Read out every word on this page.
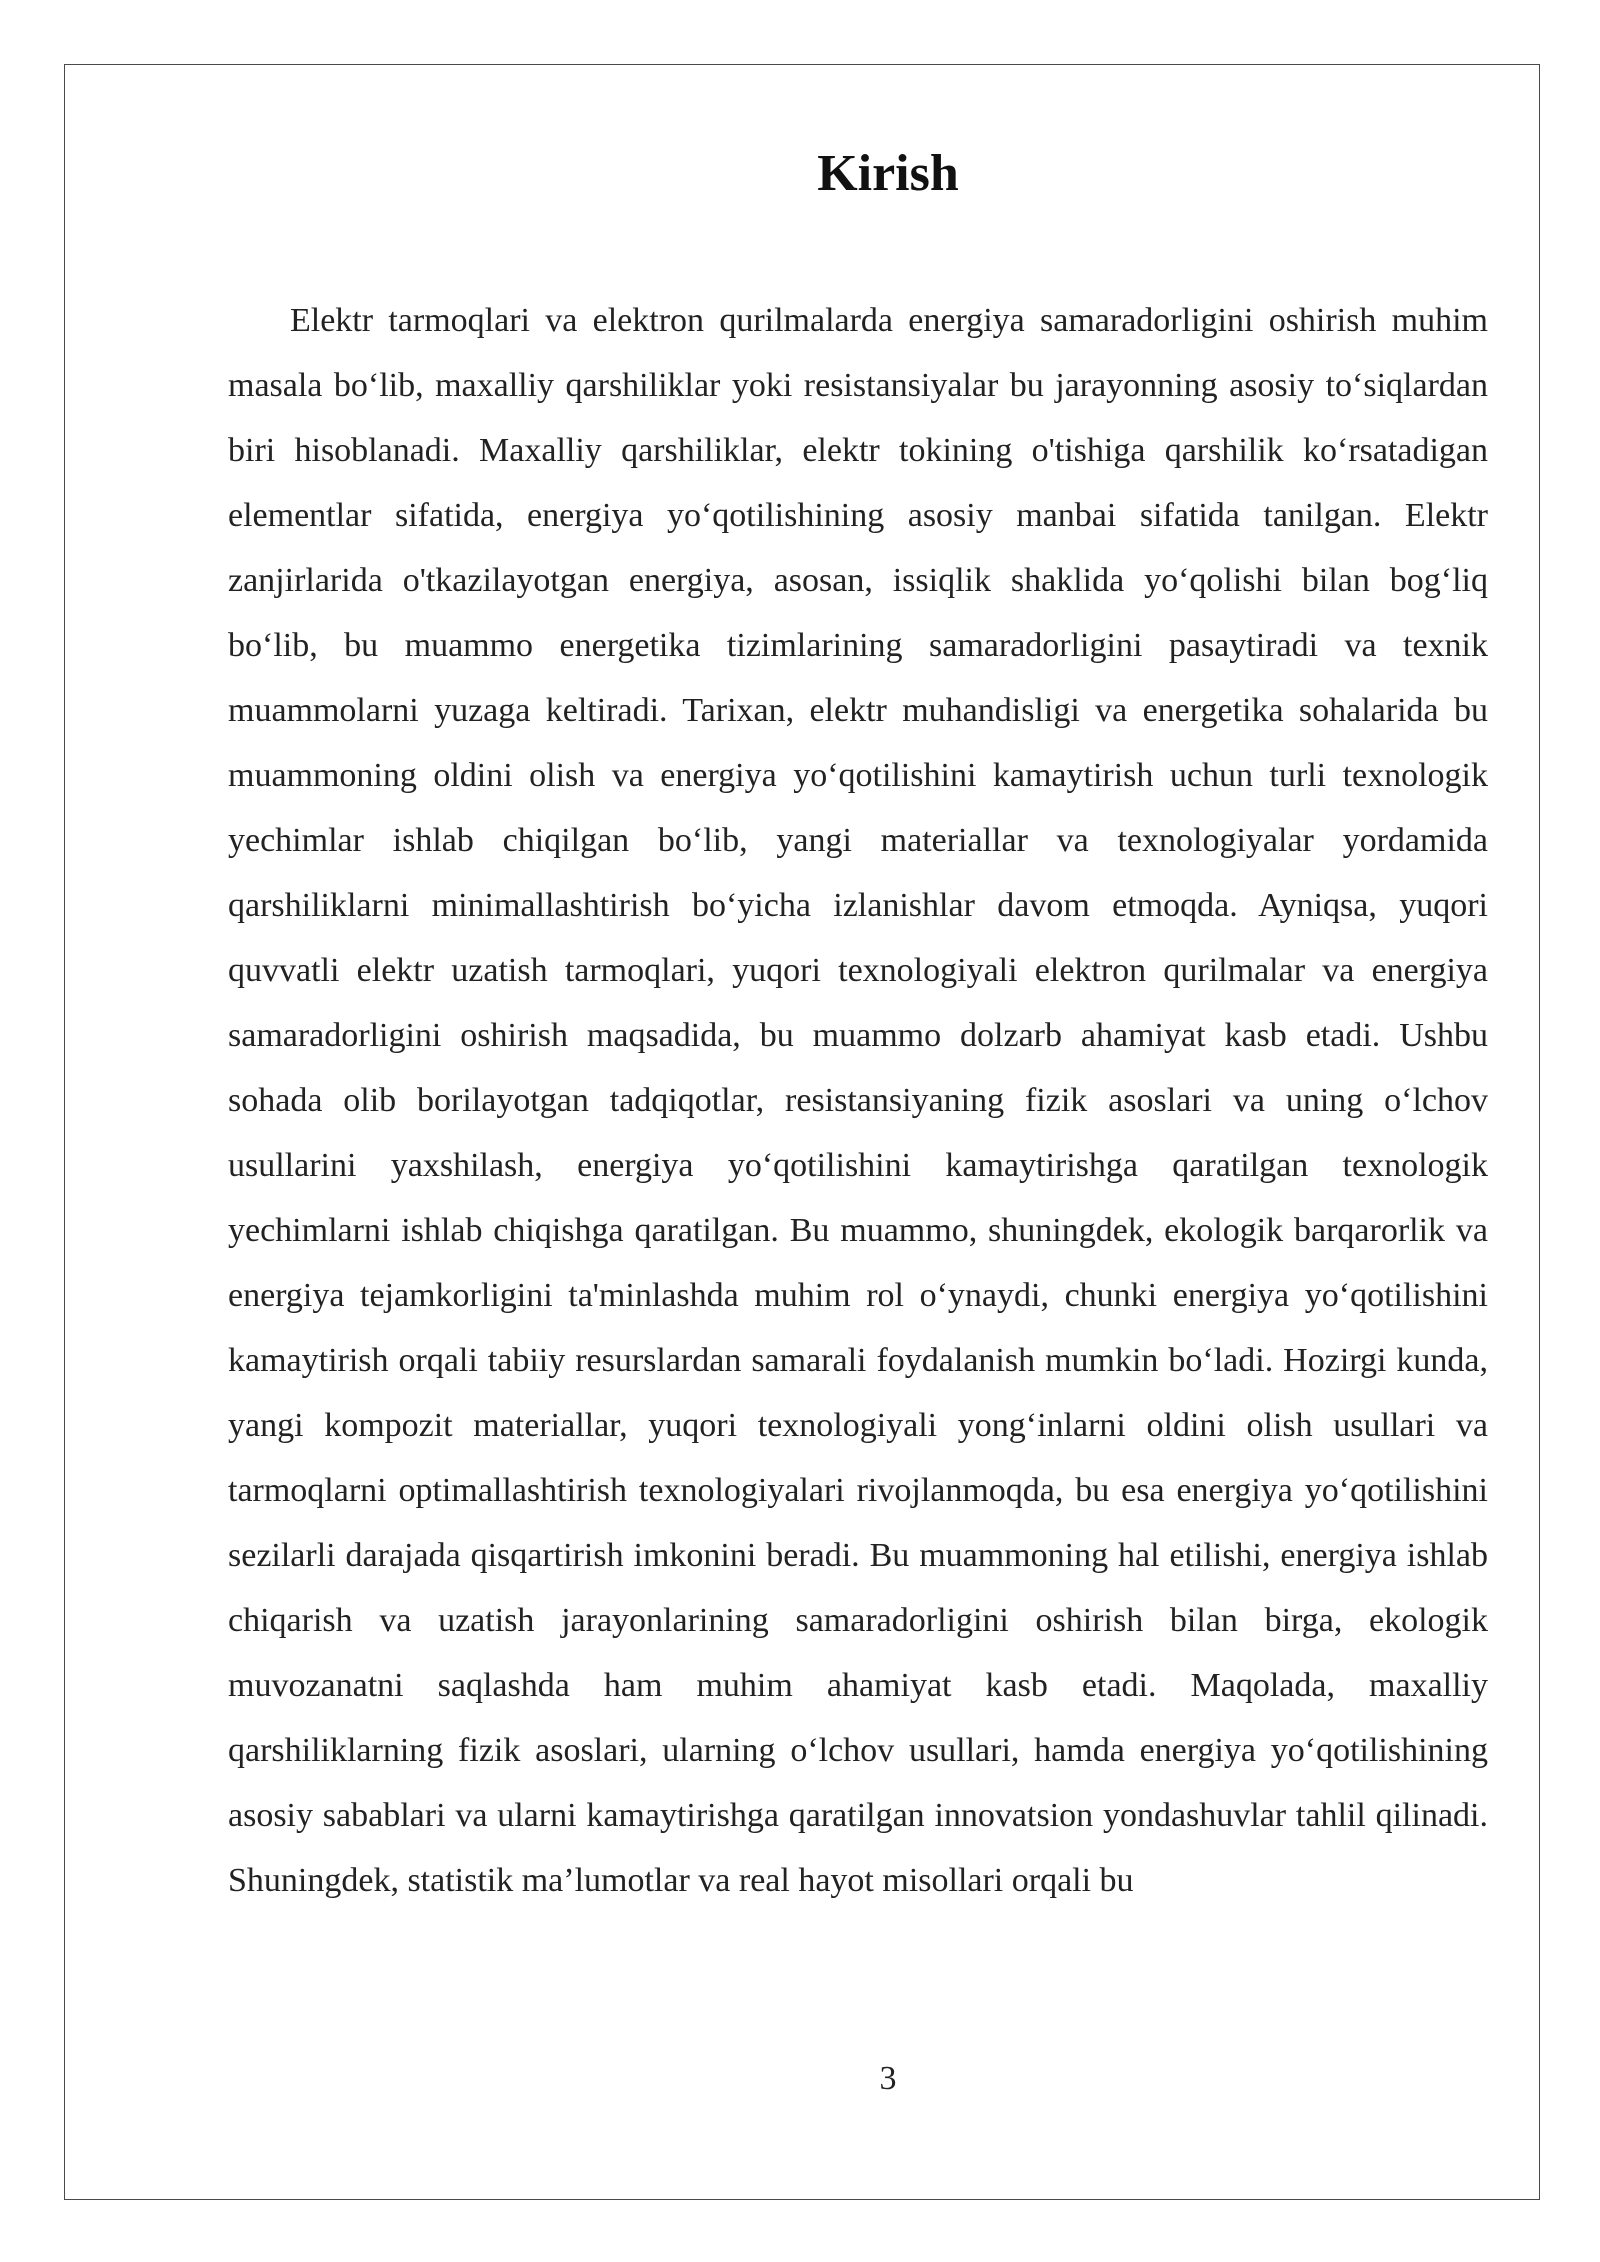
Kirish

Elektr tarmoqlari va elektron qurilmalarda energiya samaradorligini oshirish muhim masala bo‘lib, maxalliy qarshiliklar yoki resistansiyalar bu jarayonning asosiy to‘siqlardan biri hisoblanadi. Maxalliy qarshiliklar, elektr tokining o'tishiga qarshilik ko‘rsatadigan elementlar sifatida, energiya yo‘qotilishining asosiy manbai sifatida tanilgan. Elektr zanjirlarida o'tkazilayotgan energiya, asosan, issiqlik shaklida yo‘qolishi bilan bog‘liq bo‘lib, bu muammo energetika tizimlarining samaradorligini pasaytiradi va texnik muammolarni yuzaga keltiradi. Tarixan, elektr muhandisligi va energetika sohalarida bu muammoning oldini olish va energiya yo‘qotilishini kamaytirish uchun turli texnologik yechimlar ishlab chiqilgan bo‘lib, yangi materiallar va texnologiyalar yordamida qarshiliklarni minimallashtirish bo‘yicha izlanishlar davom etmoqda. Ayniqsa, yuqori quvvatli elektr uzatish tarmoqlari, yuqori texnologiyali elektron qurilmalar va energiya samaradorligini oshirish maqsadida, bu muammo dolzarb ahamiyat kasb etadi. Ushbu sohada olib borilayotgan tadqiqotlar, resistansiyaning fizik asoslari va uning o‘lchov usullarini yaxshilash, energiya yo‘qotilishini kamaytirishga qaratilgan texnologik yechimlarni ishlab chiqishga qaratilgan. Bu muammo, shuningdek, ekologik barqarorlik va energiya tejamkorligini ta'minlashda muhim rol o‘ynaydi, chunki energiya yo‘qotilishini kamaytirish orqali tabiiy resurslardan samarali foydalanish mumkin bo‘ladi. Hozirgi kunda, yangi kompozit materiallar, yuqori texnologiyali yong‘inlarni oldini olish usullari va tarmoqlarni optimallashtirish texnologiyalari rivojlanmoqda, bu esa energiya yo‘qotilishini sezilarli darajada qisqartirish imkonini beradi. Bu muammoning hal etilishi, energiya ishlab chiqarish va uzatish jarayonlarining samaradorligini oshirish bilan birga, ekologik muvozanatni saqlashda ham muhim ahamiyat kasb etadi. Maqolada, maxalliy qarshiliklarning fizik asoslari, ularning o‘lchov usullari, hamda energiya yo‘qotilishining asosiy sabablari va ularni kamaytirishga qaratilgan innovatsion yondashuvlar tahlil qilinadi. Shuningdek, statistik ma’lumotlar va real hayot misollari orqali bu

3
